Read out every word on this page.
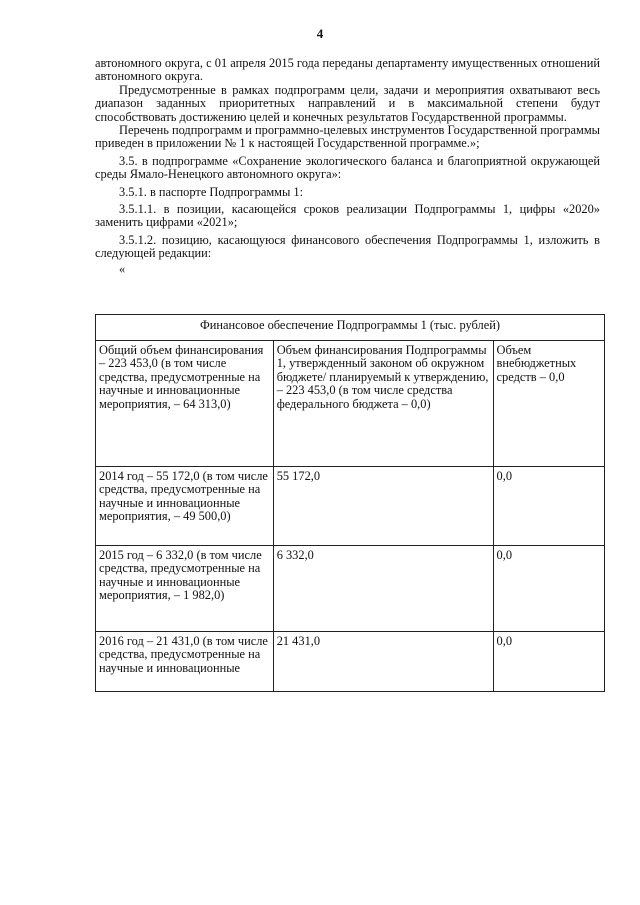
4

автономного округа, с 01 апреля 2015 года переданы департаменту имущественных отношений автономного округа.

Предусмотренные в рамках подпрограмм цели, задачи и мероприятия охватывают весь диапазон заданных приоритетных направлений и в максимальной степени будут способствовать достижению целей и конечных результатов Государственной программы.

Перечень подпрограмм и программно-целевых инструментов Государственной программы приведен в приложении № 1 к настоящей Государственной программе.»;

3.5. в подпрограмме «Сохранение экологического баланса и благоприятной окружающей среды Ямало-Ненецкого автономного округа»:

3.5.1. в паспорте Подпрограммы 1:

3.5.1.1. в позиции, касающейся сроков реализации Подпрограммы 1, цифры «2020» заменить цифрами «2021»;

3.5.1.2. позицию, касающуюся финансового обеспечения Подпрограммы 1, изложить в следующей редакции:

«

Финансовое обеспечение Подпрограммы 1 (тыс. рублей)		
Общий объем финансирования – 223 453,0 (в том числе средства, предусмотренные на научные и инновационные мероприятия, – 64 313,0)	Объем финансирования Подпрограммы 1, утвержденный законом об окружном бюджете/ планируемый к утверждению, – 223 453,0 (в том числе средства федерального бюджета – 0,0)	Объем внебюджетных средств – 0,0
2014 год – 55 172,0 (в том числе средства, предусмотренные на научные и инновационные мероприятия, – 49 500,0)	55 172,0	0,0
2015 год – 6 332,0 (в том числе средства, предусмотренные на научные и инновационные мероприятия, – 1 982,0)	6 332,0	0,0
2016 год – 21 431,0 (в том числе средства, предусмотренные на научные и инновационные	21 431,0	0,0
